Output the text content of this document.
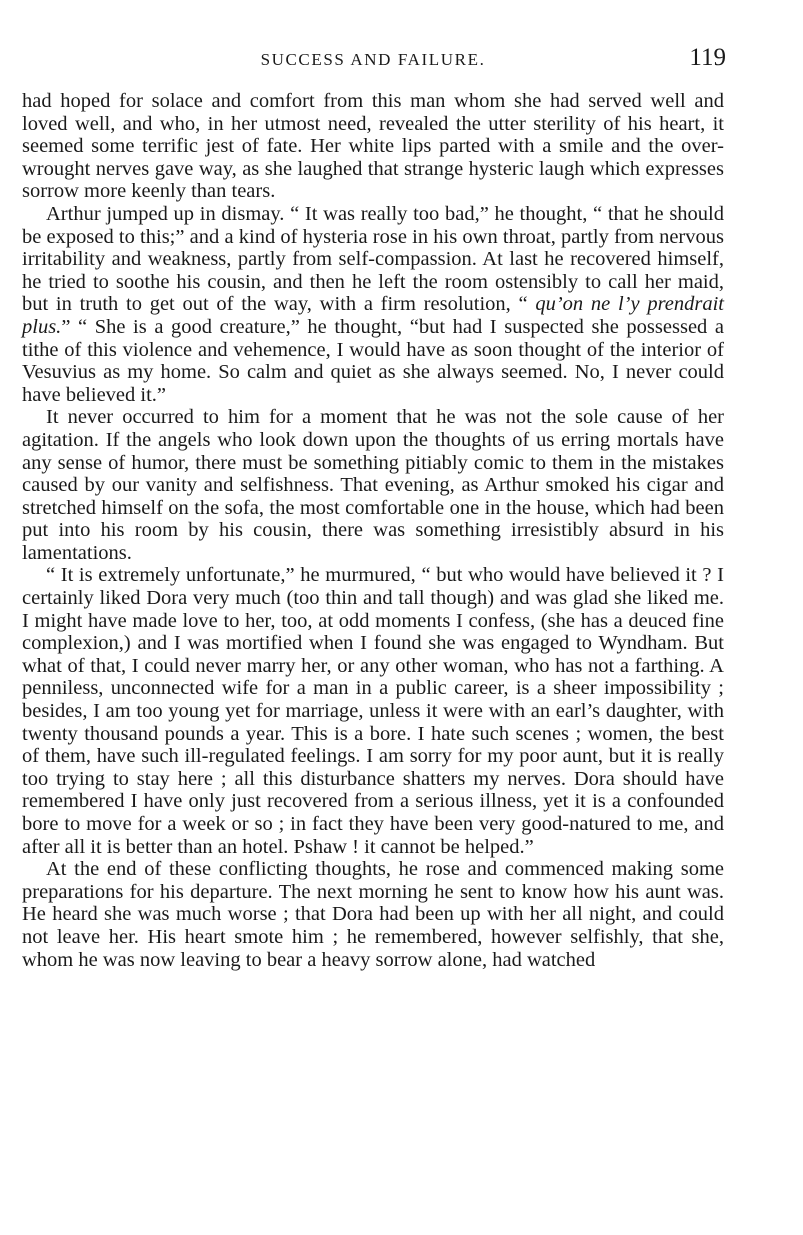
SUCCESS AND FAILURE.	119

had hoped for solace and comfort from this man whom she had served well and loved well, and who, in her utmost need, revealed the utter sterility of his heart, it seemed some terrific jest of fate. Her white lips parted with a smile and the over-wrought nerves gave way, as she laughed that strange hysteric laugh which expresses sorrow more keenly than tears.

Arthur jumped up in dismay. “ It was really too bad,” he thought, “ that he should be exposed to this;” and a kind of hysteria rose in his own throat, partly from nervous irritability and weakness, partly from self-compassion. At last he recovered himself, he tried to soothe his cousin, and then he left the room ostensibly to call her maid, but in truth to get out of the way, with a firm resolution, “ qu’on ne l’y prendrait plus.” “ She is a good creature,” he thought, “but had I suspected she possessed a tithe of this violence and vehemence, I would have as soon thought of the interior of Vesuvius as my home. So calm and quiet as she always seemed. No, I never could have believed it.”

It never occurred to him for a moment that he was not the sole cause of her agitation. If the angels who look down upon the thoughts of us erring mortals have any sense of humor, there must be something pitiably comic to them in the mistakes caused by our vanity and selfishness. That evening, as Arthur smoked his cigar and stretched himself on the sofa, the most comfortable one in the house, which had been put into his room by his cousin, there was something irresistibly absurd in his lamentations.

“ It is extremely unfortunate,” he murmured, “ but who would have believed it ? I certainly liked Dora very much (too thin and tall though) and was glad she liked me. I might have made love to her, too, at odd moments I confess, (she has a deuced fine complexion,) and I was mortified when I found she was engaged to Wyndham. But what of that, I could never marry her, or any other woman, who has not a farthing. A penniless, unconnected wife for a man in a public career, is a sheer impossibility ; besides, I am too young yet for marriage, unless it were with an earl’s daughter, with twenty thousand pounds a year. This is a bore. I hate such scenes ; women, the best of them, have such ill-regulated feelings. I am sorry for my poor aunt, but it is really too trying to stay here ; all this disturbance shatters my nerves. Dora should have remembered I have only just recovered from a serious illness, yet it is a confounded bore to move for a week or so ; in fact they have been very good-natured to me, and after all it is better than an hotel. Pshaw ! it cannot be helped.”

At the end of these conflicting thoughts, he rose and commenced making some preparations for his departure. The next morning he sent to know how his aunt was. He heard she was much worse ; that Dora had been up with her all night, and could not leave her. His heart smote him ; he remembered, however selfishly, that she, whom he was now leaving to bear a heavy sorrow alone, had watched
